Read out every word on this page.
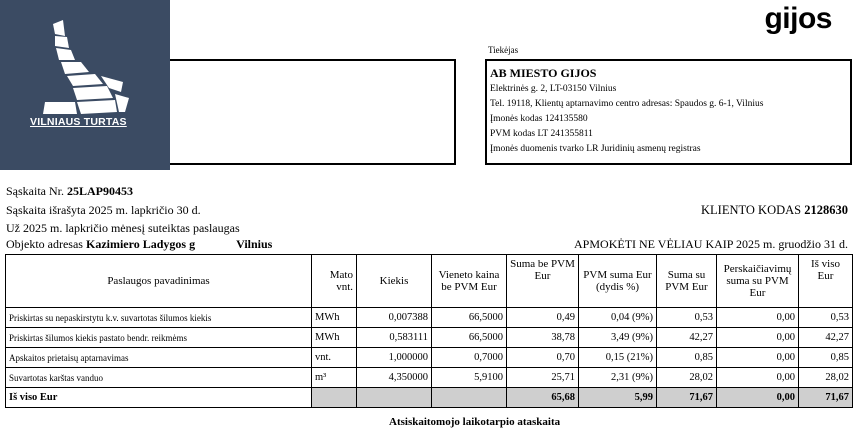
gijos
VILNIAUS TURTAS
Tiekėjas
AB MIESTO GIJOS
Elektrinės g. 2, LT-03150 Vilnius
Tel. 19118, Klientų aptarnavimo centro adresas: Spaudos g. 6-1, Vilnius
Įmonės kodas 124135580
PVM kodas LT 241355811
Įmonės duomenis tvarko LR Juridinių asmenų registras
Sąskaita Nr. 25LAP90453
Sąskaita išrašyta 2025 m. lapkričio 30 d.
Už 2025 m. lapkričio mėnesį suteiktas paslaugas
Objekto adresas Kazimiero Ladygos g	Vilnius
KLIENTO KODAS 2128630
APMOKĖTI NE VĖLIAU KAIP 2025 m. gruodžio 31 d.
Paslaugos pavadinimas	Mato vnt.	Kiekis	Vieneto kaina be PVM Eur	Suma be PVM Eur	PVM suma Eur (dydis %)	Suma su PVM Eur	Perskaičiavimų suma su PVM Eur	Iš viso Eur
Priskirtas su nepaskirstytu k.v. suvartotas šilumos kiekis	MWh	0,007388	66,5000	0,49	0,04 (9%)	0,53	0,00	0,53
Priskirtas šilumos kiekis pastato bendr. reikmėms	MWh	0,583111	66,5000	38,78	3,49 (9%)	42,27	0,00	42,27
Apskaitos prietaisų aptarnavimas	vnt.	1,000000	0,7000	0,70	0,15 (21%)	0,85	0,00	0,85
Suvartotas karštas vanduo	m³	4,350000	5,9100	25,71	2,31 (9%)	28,02	0,00	28,02
Iš viso Eur				65,68	5,99	71,67	0,00	71,67
Atsiskaitomojo laikotarpio ataskaita
